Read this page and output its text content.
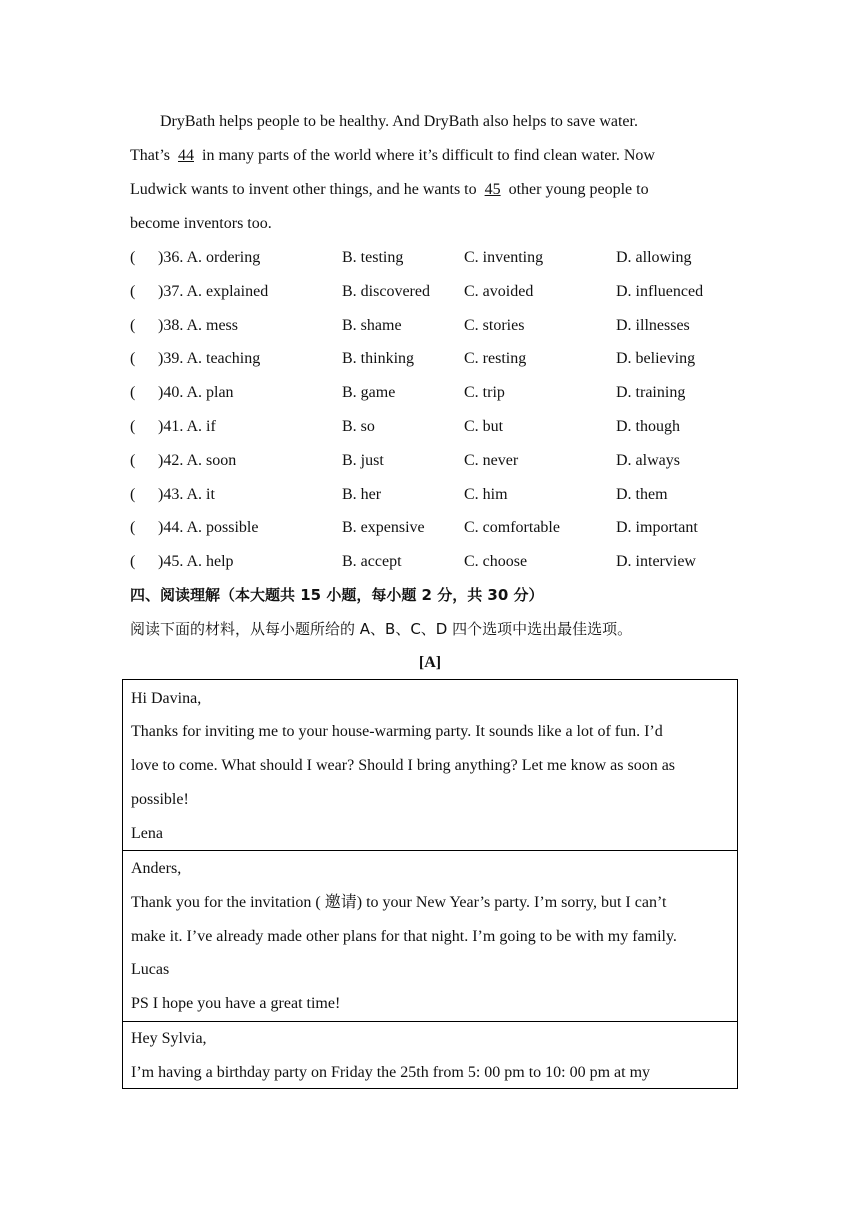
DryBath helps people to be healthy. And DryBath also helps to save water.
That’s 44 in many parts of the world where it’s difficult to find clean water. Now
Ludwick wants to invent other things, and he wants to 45 other young people to
become inventors too.
( )36. A. ordering	B. testing	C. inventing	D. allowing
( )37. A. explained	B. discovered C. avoided	D. influenced
( )38. A. mess	B. shame	C. stories	D. illnesses
( )39. A. teaching	B. thinking	C. resting	D. believing
( )40. A. plan	B. game	C. trip	D. training
( )41. A. if	B. so	C. but	D. though
( )42. A. soon	B. just	C. never	D. always
( )43. A. it	B. her	C. him	D. them
( )44. A. possible	B. expensive C. comfortable	D. important
( )45. A. help	B. accept	C. choose	D. interview
四、阅读理解（本大题共 15 小题，每小题 2 分，共 30 分）
阅读下面的材料，从每小题所给的 A、B、C、D 四个选项中选出最佳选项。
[A]
Hi Davina,
Thanks for inviting me to your house-warming party. It sounds like a lot of fun. I’d
love to come. What should I wear? Should I bring anything? Let me know as soon as
possible!
Lena
Anders,
Thank you for the invitation ( 邀请) to your New Year’s party. I’m sorry, but I can’t
make it. I’ve already made other plans for that night. I’m going to be with my family.
Lucas
PS I hope you have a great time!
Hey Sylvia,
I’m having a birthday party on Friday the 25th from 5: 00 pm to 10: 00 pm at my
